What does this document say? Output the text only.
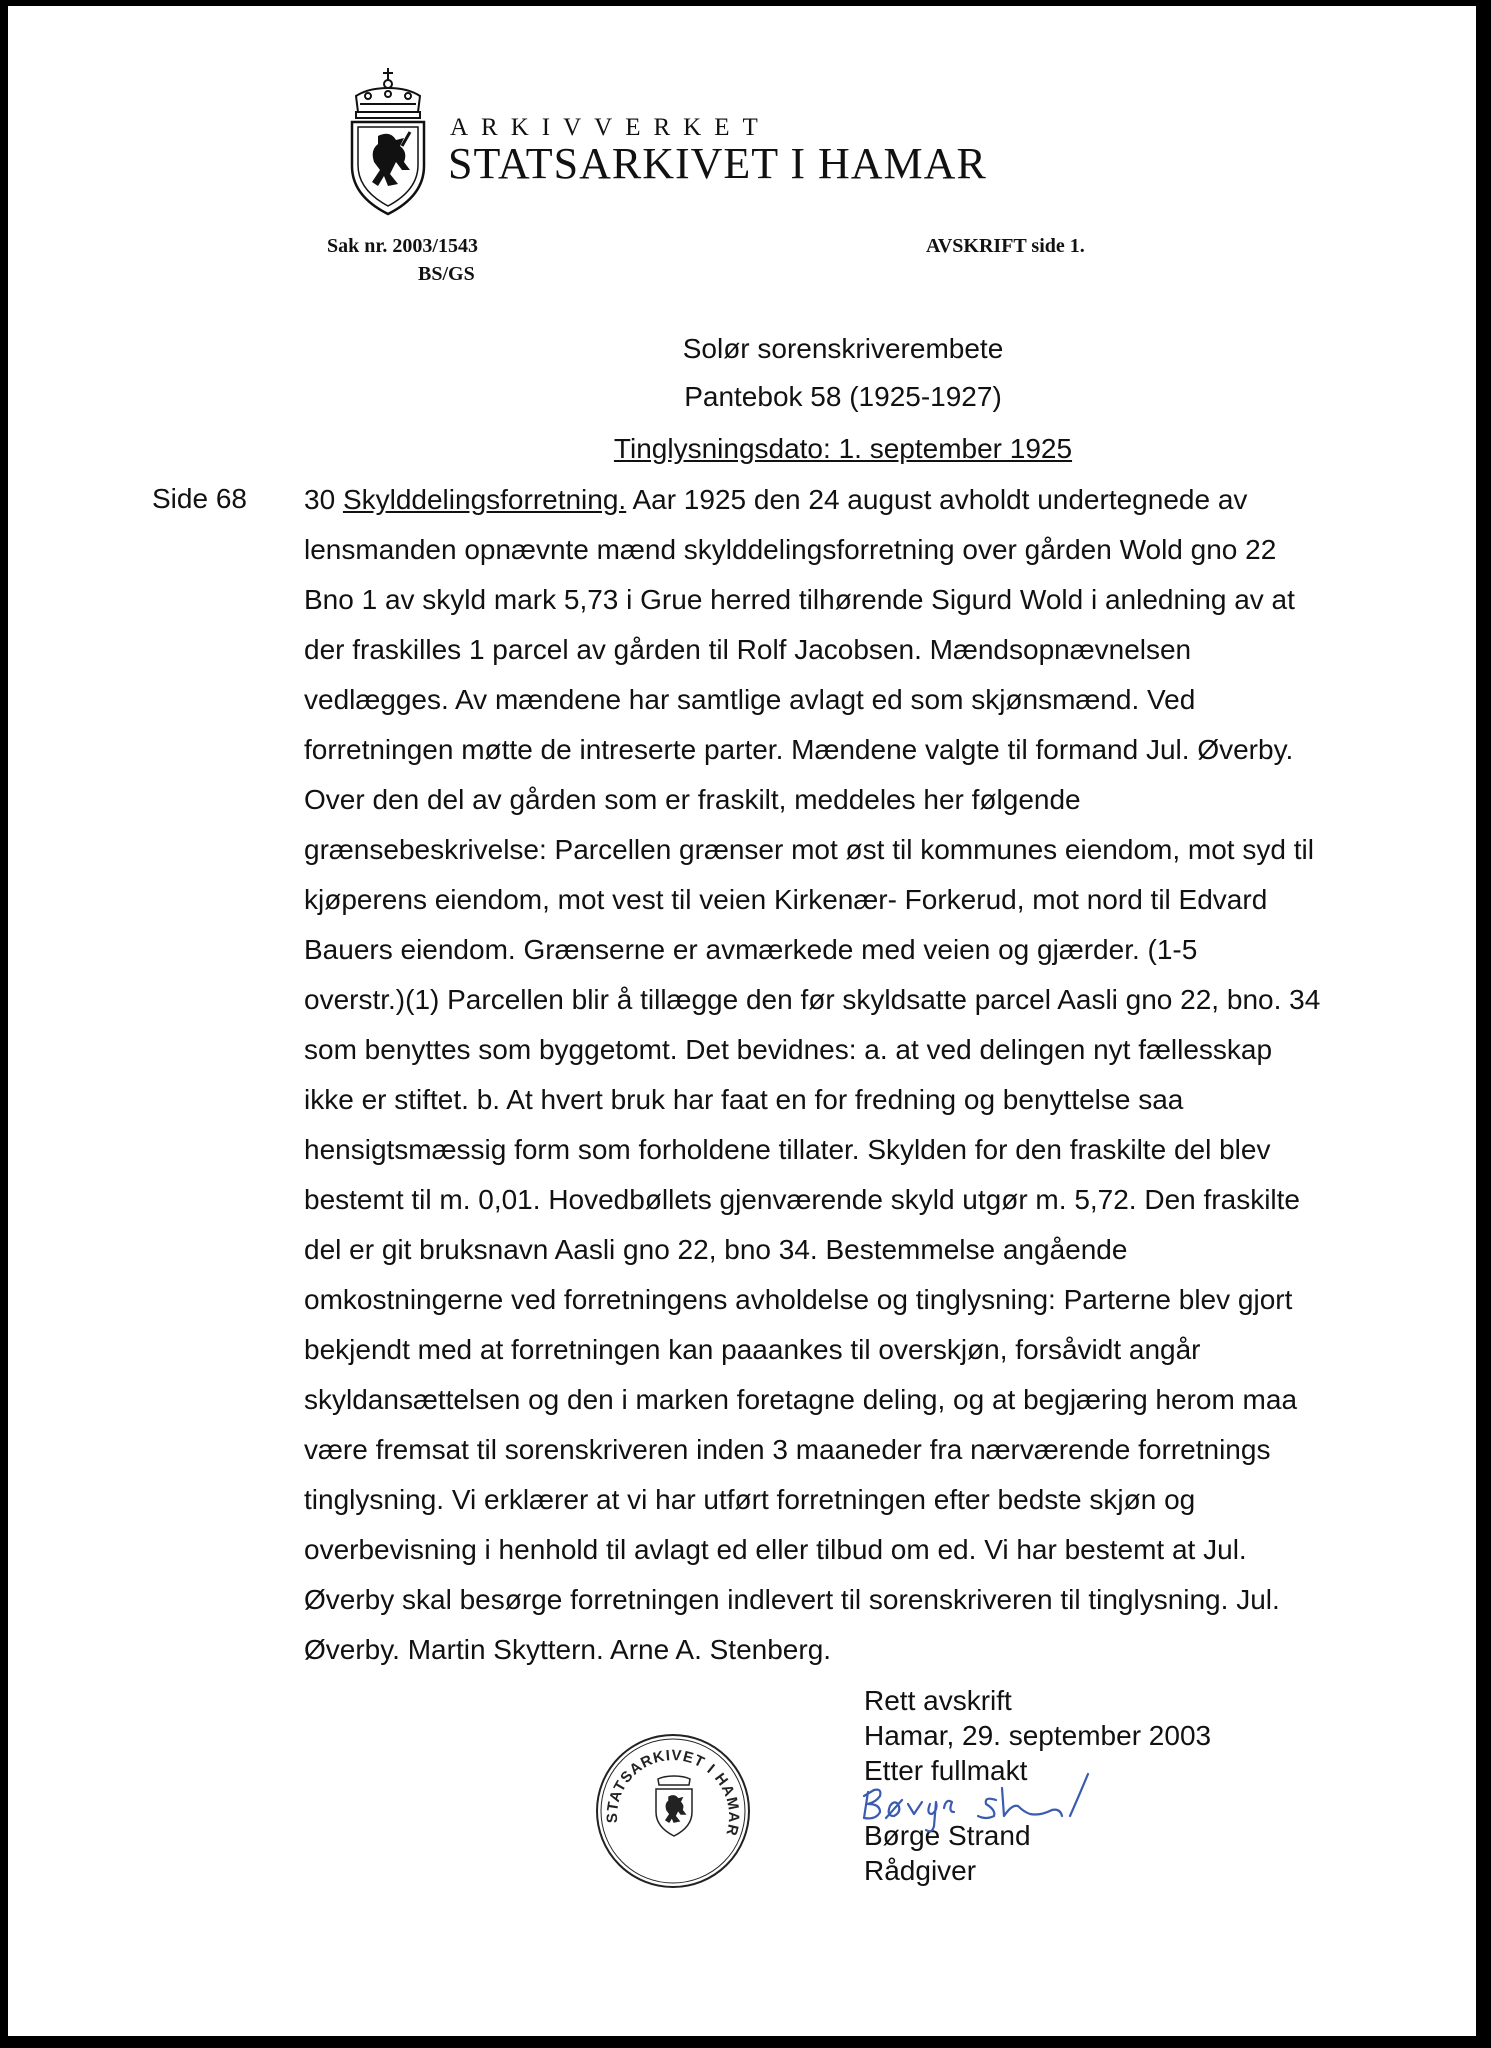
ARKIVVERKET
STATSARKIVET I HAMAR
Sak nr. 2003/1543
BS/GS
AVSKRIFT side 1.
Solør sorenskriverembete
Pantebok 58 (1925-1927)
Tinglysningsdato: 1. september 1925
Side 68 30 Skylddelingsforretning. Aar 1925 den 24 august avholdt undertegnede av
lensmanden opnævnte mænd skylddelingsforretning over gården Wold gno 22
Bno 1 av skyld mark 5,73 i Grue herred tilhørende Sigurd Wold i anledning av at
der fraskilles 1 parcel av gården til Rolf Jacobsen. Mændsopnævnelsen
vedlægges. Av mændene har samtlige avlagt ed som skjønsmænd. Ved
forretningen møtte de intreserte parter. Mændene valgte til formand Jul. Øverby.
Over den del av gården som er fraskilt, meddeles her følgende
grænsebeskrivelse: Parcellen grænser mot øst til kommunes eiendom, mot syd til
kjøperens eiendom, mot vest til veien Kirkenær- Forkerud, mot nord til Edvard
Bauers eiendom. Grænserne er avmærkede med veien og gjærder. (1-5
overstr.)(1) Parcellen blir å tillægge den før skyldsatte parcel Aasli gno 22, bno. 34
som benyttes som byggetomt. Det bevidnes: a. at ved delingen nyt fællesskap
ikke er stiftet. b. At hvert bruk har faat en for fredning og benyttelse saa
hensigtsmæssig form som forholdene tillater. Skylden for den fraskilte del blev
bestemt til m. 0,01. Hovedbøllets gjenværende skyld utgør m. 5,72. Den fraskilte
del er git bruksnavn Aasli gno 22, bno 34. Bestemmelse angående
omkostningerne ved forretningens avholdelse og tinglysning: Parterne blev gjort
bekjendt med at forretningen kan paaankes til overskjøn, forsåvidt angår
skyldansættelsen og den i marken foretagne deling, og at begjæring herom maa
være fremsat til sorenskriveren inden 3 maaneder fra nærværende forretnings
tinglysning. Vi erklærer at vi har utført forretningen efter bedste skjøn og
overbevisning i henhold til avlagt ed eller tilbud om ed. Vi har bestemt at Jul.
Øverby skal besørge forretningen indlevert til sorenskriveren til tinglysning. Jul.
Øverby. Martin Skyttern. Arne A. Stenberg.
STATSARKIVET I HAMAR
Rett avskrift
Hamar, 29. september 2003
Etter fullmakt
Børge Strand
Rådgiver
